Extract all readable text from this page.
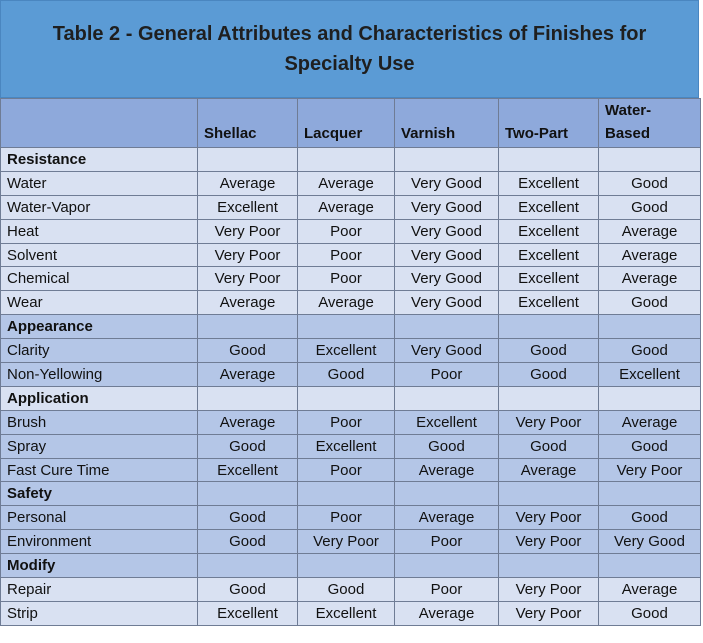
Table 2 - General Attributes and Characteristics of Finishes for Specialty Use
	Shellac	Lacquer	Varnish	Two-Part	Water-
Based
Resistance					
Water	Average	Average	Very Good	Excellent	Good
Water-Vapor	Excellent	Average	Very Good	Excellent	Good
Heat	Very Poor	Poor	Very Good	Excellent	Average
Solvent	Very Poor	Poor	Very Good	Excellent	Average
Chemical	Very Poor	Poor	Very Good	Excellent	Average
Wear	Average	Average	Very Good	Excellent	Good
Appearance					
Clarity	Good	Excellent	Very Good	Good	Good
Non-Yellowing	Average	Good	Poor	Good	Excellent
Application					
Brush	Average	Poor	Excellent	Very Poor	Average
Spray	Good	Excellent	Good	Good	Good
Fast Cure Time	Excellent	Poor	Average	Average	Very Poor
Safety					
Personal	Good	Poor	Average	Very Poor	Good
Environment	Good	Very Poor	Poor	Very Poor	Very Good
Modify					
Repair	Good	Good	Poor	Very Poor	Average
Strip	Excellent	Excellent	Average	Very Poor	Good
